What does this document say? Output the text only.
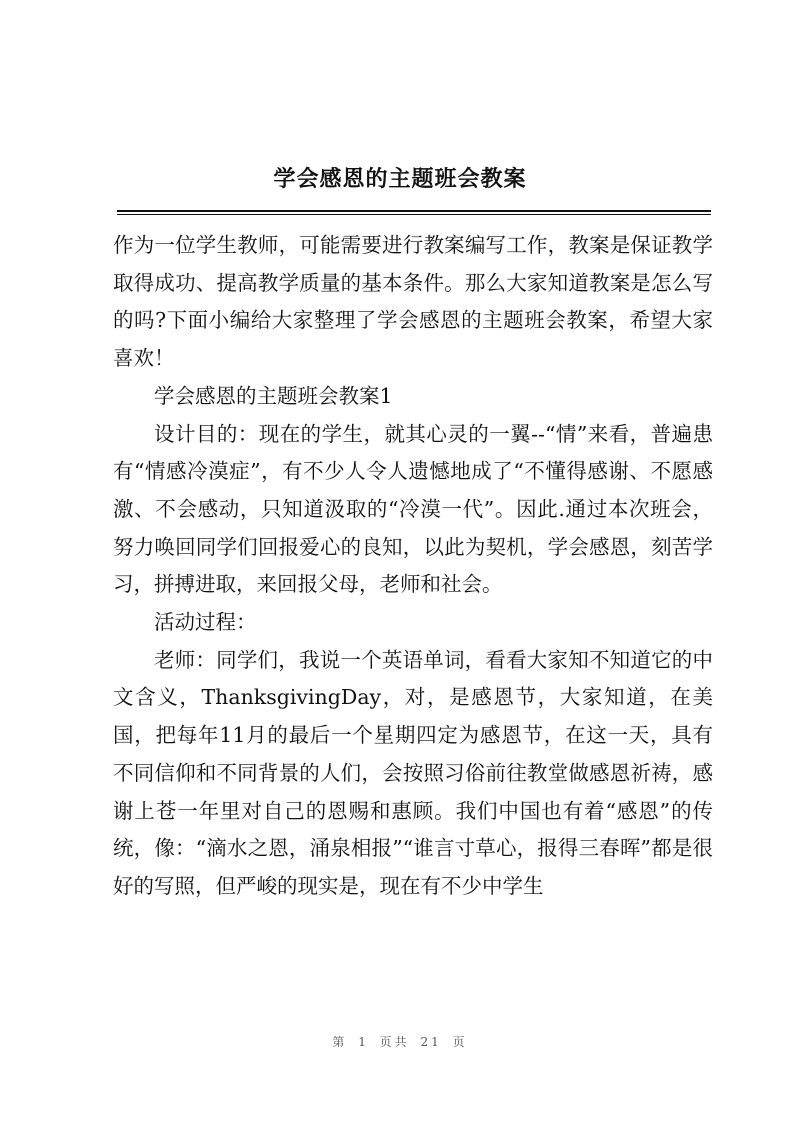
学会感恩的主题班会教案

作为一位学生教师，可能需要进行教案编写工作，教案是保证教学取得成功、提高教学质量的基本条件。那么大家知道教案是怎么写的吗?下面小编给大家整理了学会感恩的主题班会教案，希望大家喜欢！

学会感恩的主题班会教案1

设计目的：现在的学生，就其心灵的一翼--“情”来看，普遍患有“情感冷漠症”，有不少人令人遗憾地成了“不懂得感谢、不愿感激、不会感动，只知道汲取的“冷漠一代”。因此.通过本次班会，努力唤回同学们回报爱心的良知，以此为契机，学会感恩，刻苦学习，拼搏进取，来回报父母，老师和社会。

活动过程：

老师：同学们，我说一个英语单词，看看大家知不知道它的中文含义，ThanksgivingDay，对，是感恩节，大家知道，在美国，把每年11月的最后一个星期四定为感恩节，在这一天，具有不同信仰和不同背景的人们，会按照习俗前往教堂做感恩祈祷，感谢上苍一年里对自己的恩赐和惠顾。我们中国也有着“感恩”的传统，像：“滴水之恩，涌泉相报”“谁言寸草心，报得三春晖”都是很好的写照，但严峻的现实是，现在有不少中学生

第 1 页共 21 页
